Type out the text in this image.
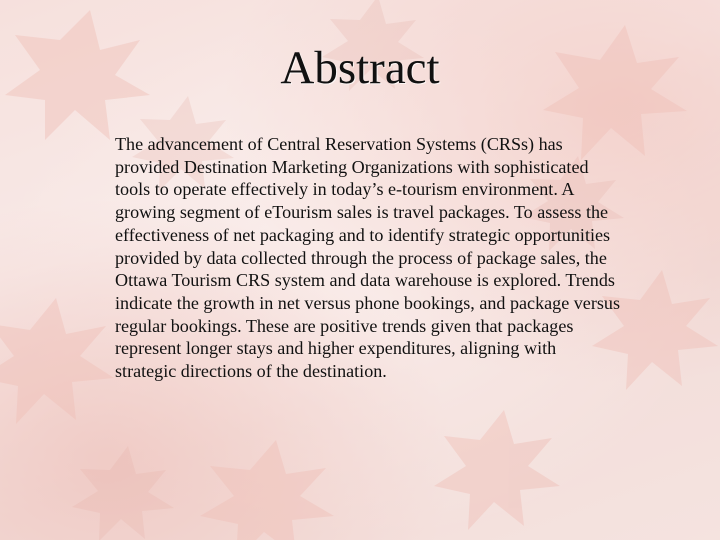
Abstract

The advancement of Central Reservation Systems (CRSs) has provided Destination Marketing Organizations with sophisticated tools to operate effectively in today’s e-tourism environment. A growing segment of eTourism sales is travel packages. To assess the effectiveness of net packaging and to identify strategic opportunities provided by data collected through the process of package sales, the Ottawa Tourism CRS system and data warehouse is explored. Trends indicate the growth in net versus phone bookings, and package versus regular bookings. These are positive trends given that packages represent longer stays and higher expenditures, aligning with strategic directions of the destination.
